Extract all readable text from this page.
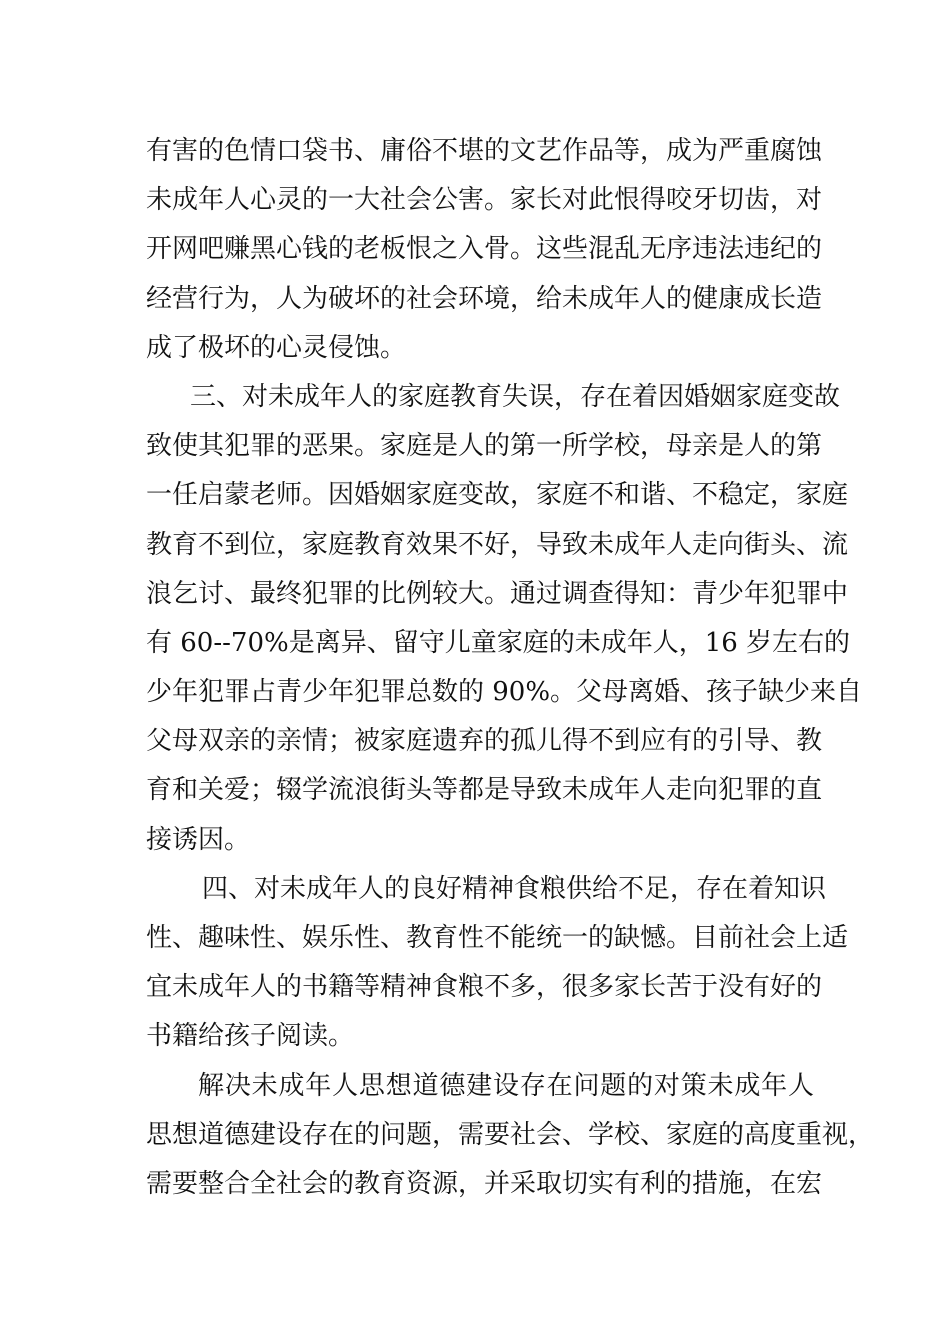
有害的色情口袋书、庸俗不堪的文艺作品等，成为严重腐蚀
未成年人心灵的一大社会公害。家长对此恨得咬牙切齿，对
开网吧赚黑心钱的老板恨之入骨。这些混乱无序违法违纪的
经营行为，人为破坏的社会环境，给未成年人的健康成长造
成了极坏的心灵侵蚀。
三、对未成年人的家庭教育失误，存在着因婚姻家庭变故
致使其犯罪的恶果。家庭是人的第一所学校，母亲是人的第
一任启蒙老师。因婚姻家庭变故，家庭不和谐、不稳定，家庭
教育不到位，家庭教育效果不好，导致未成年人走向街头、流
浪乞讨、最终犯罪的比例较大。通过调查得知：青少年犯罪中
有 60--70%是离异、留守儿童家庭的未成年人，16 岁左右的
少年犯罪占青少年犯罪总数的 90%。父母离婚、孩子缺少来自
父母双亲的亲情；被家庭遗弃的孤儿得不到应有的引导、教
育和关爱；辍学流浪街头等都是导致未成年人走向犯罪的直
接诱因。
四、对未成年人的良好精神食粮供给不足，存在着知识
性、趣味性、娱乐性、教育性不能统一的缺憾。目前社会上适
宜未成年人的书籍等精神食粮不多，很多家长苦于没有好的
书籍给孩子阅读。
解决未成年人思想道德建设存在问题的对策未成年人
思想道德建设存在的问题，需要社会、学校、家庭的高度重视，
需要整合全社会的教育资源，并采取切实有利的措施，在宏
